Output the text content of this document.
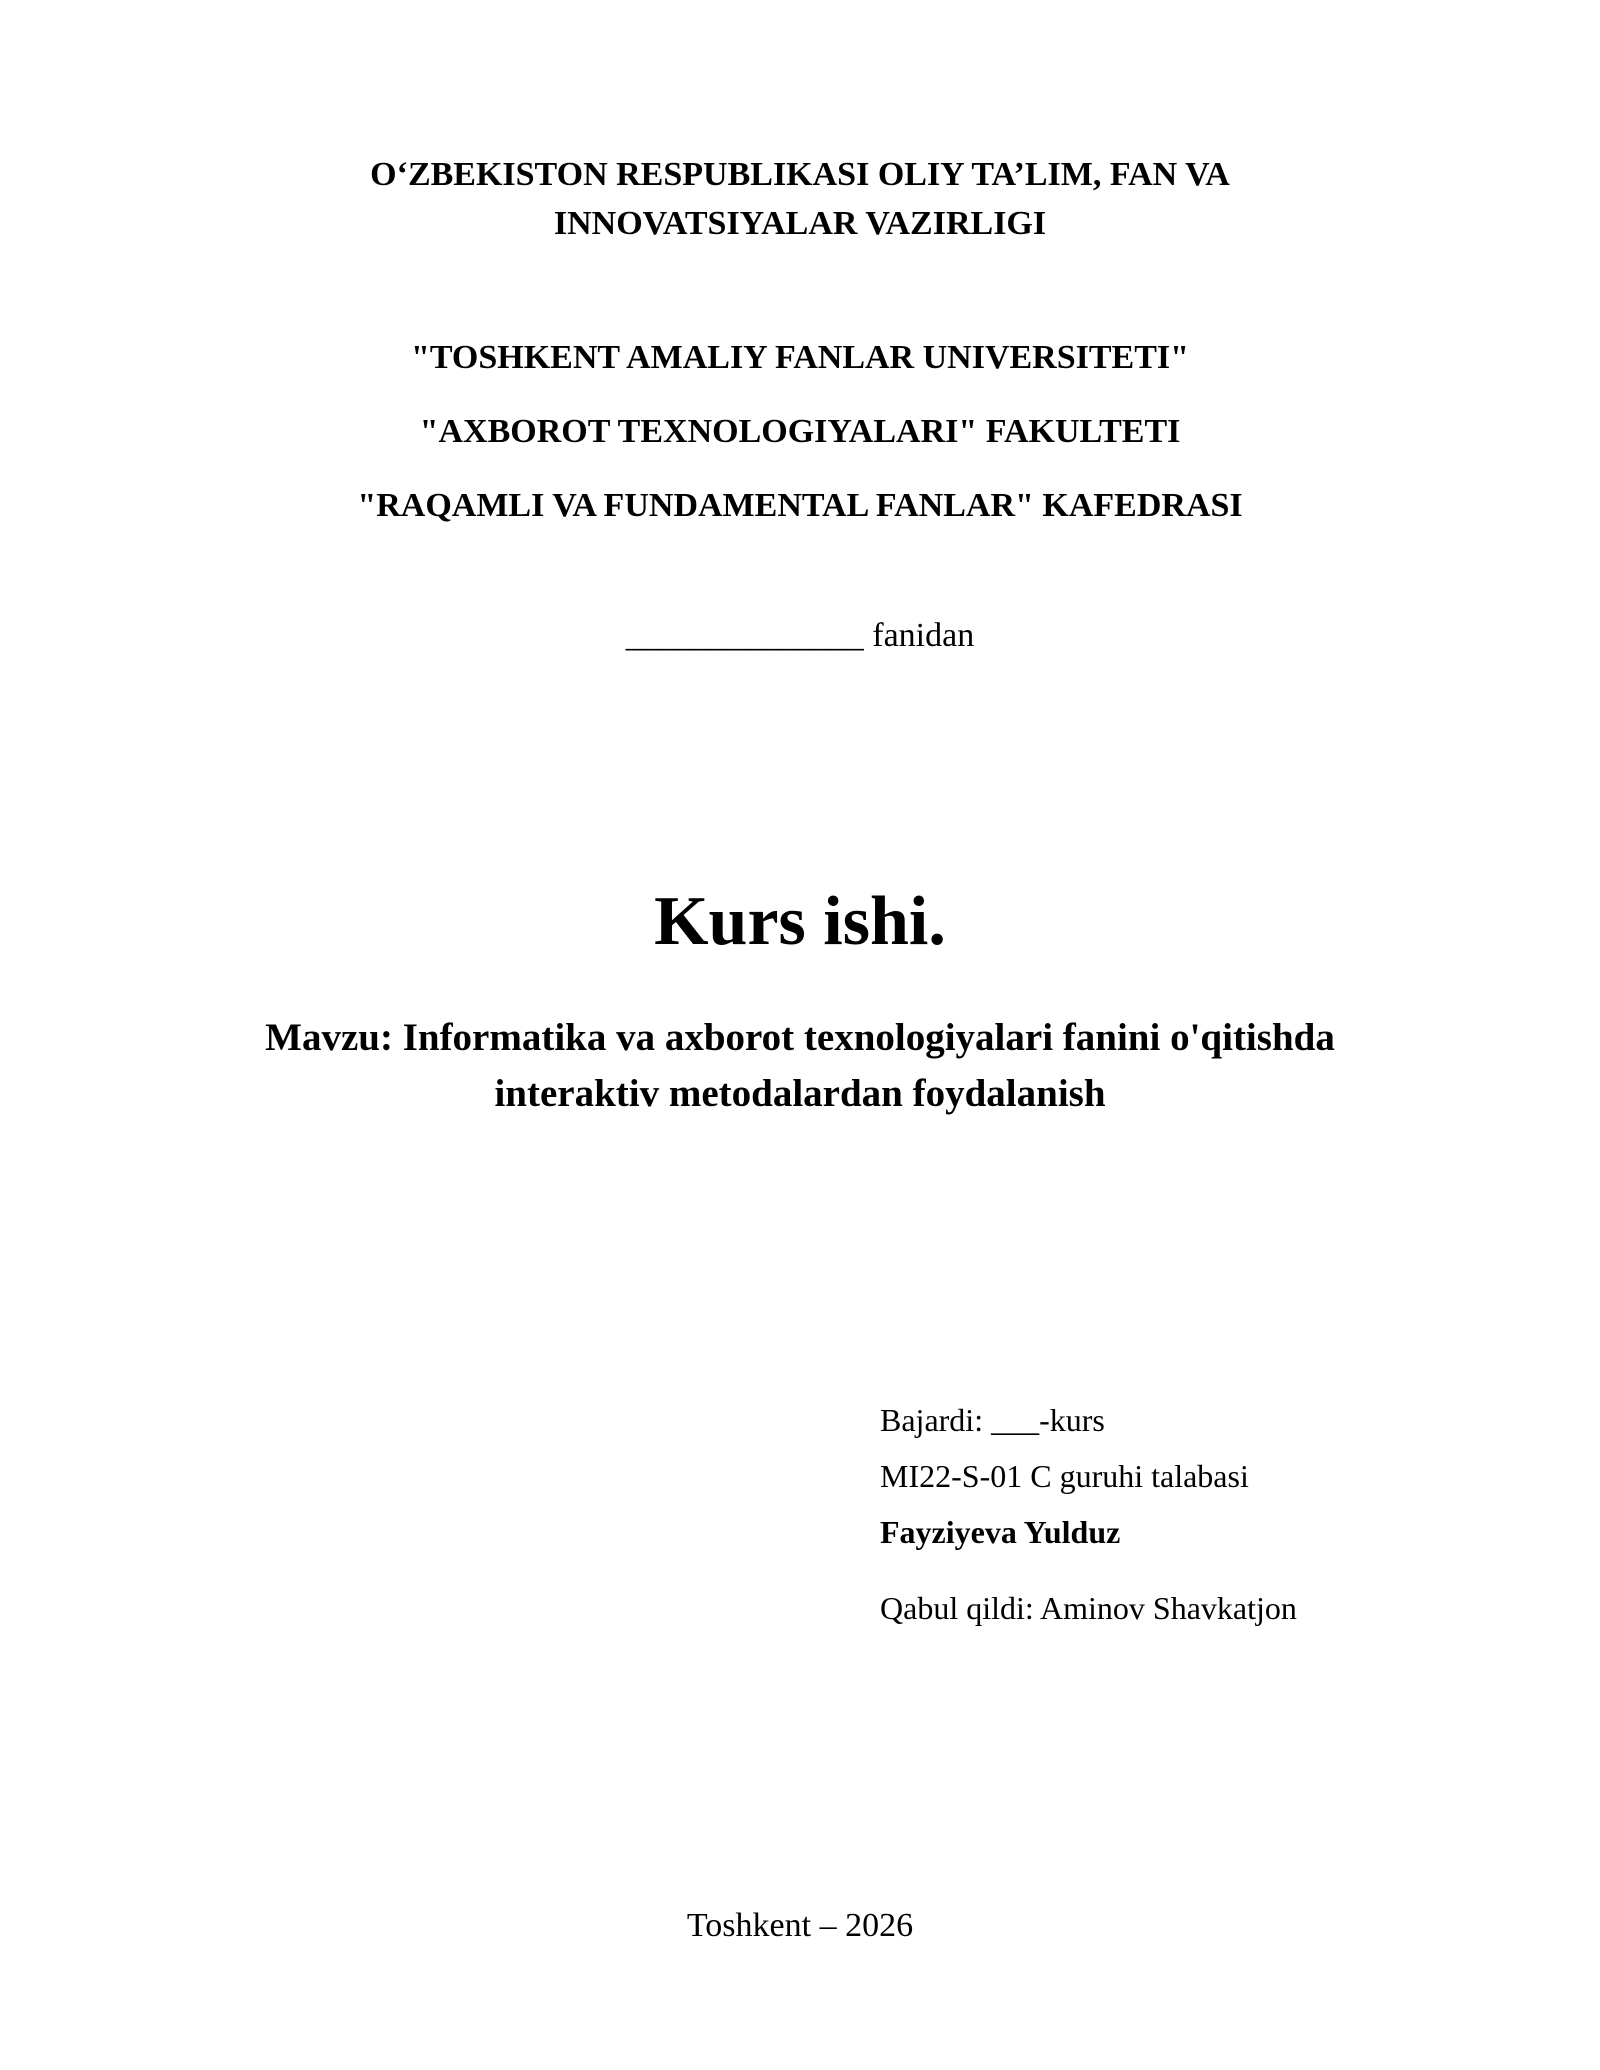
O‘ZBEKISTON RESPUBLIKASI OLIY TA’LIM, FAN VA
INNOVATSIYALAR VAZIRLIGI
"TOSHKENT AMALIY FANLAR UNIVERSITETI"
"AXBOROT TEXNOLOGIYALARI" FAKULTETI
"RAQAMLI VA FUNDAMENTAL FANLAR" KAFEDRASI
______________ fanidan
Kurs ishi.
Mavzu: Informatika va axborot texnologiyalari fanini o'qitishda
interaktiv metodalardan foydalanish
Bajardi: ___-kurs
MI22-S-01 C guruhi talabasi
Fayziyeva Yulduz
Qabul qildi: Aminov Shavkatjon
Toshkent – 2026
